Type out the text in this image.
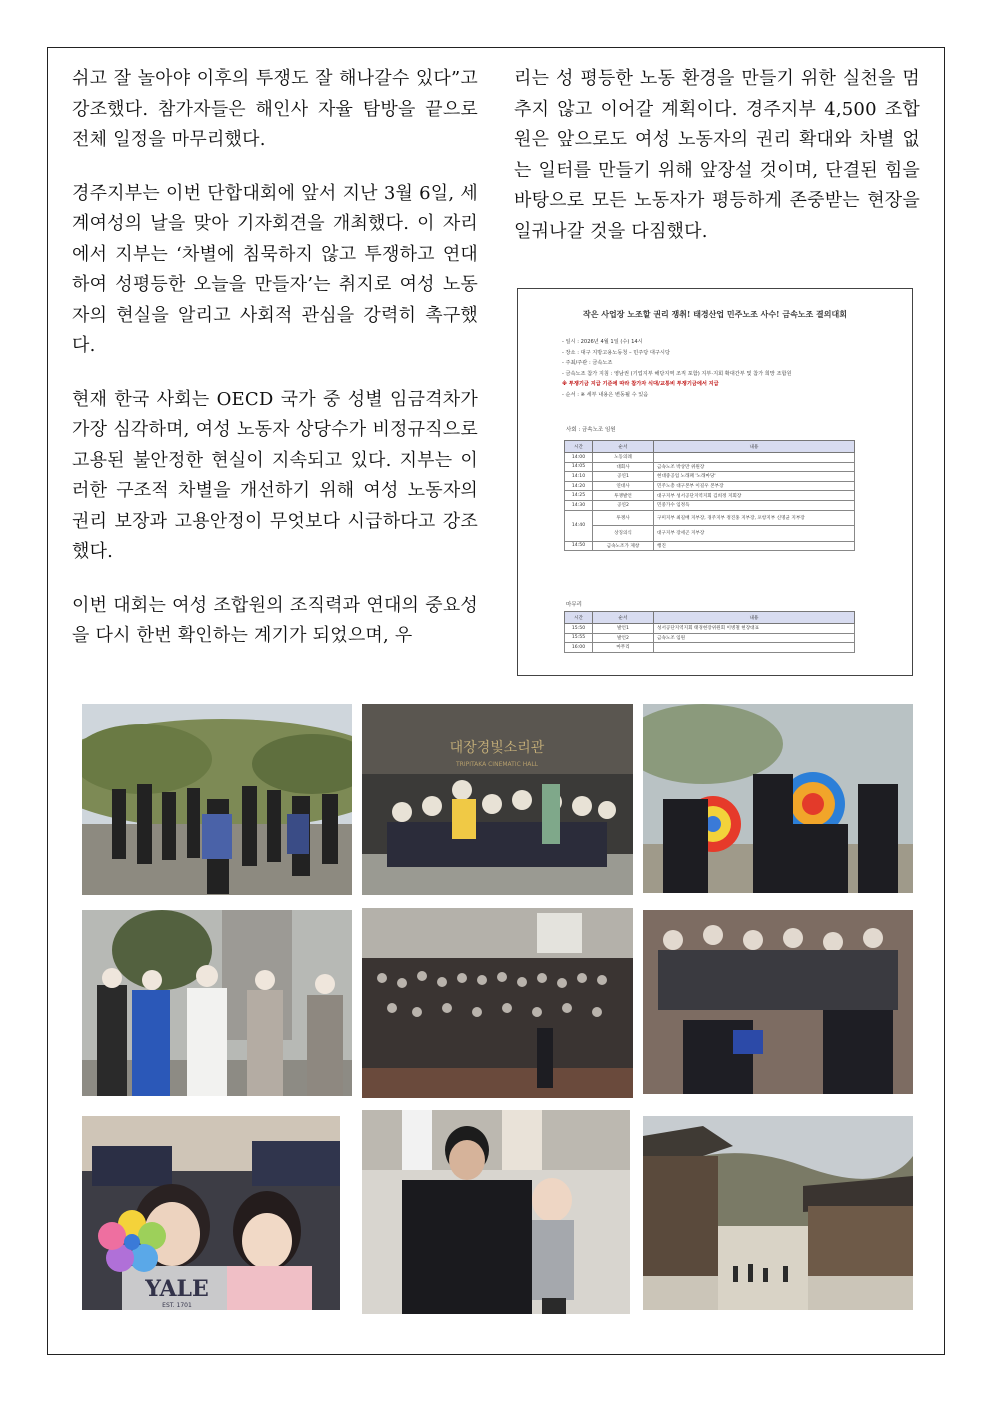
쉬고 잘 놀아야 이후의 투쟁도 잘 해나갈수 있다”고 강조했다. 참가자들은 해인사 자율 탐방을 끝으로 전체 일정을 마무리했다.

경주지부는 이번 단합대회에 앞서 지난 3월 6일, 세계여성의 날을 맞아 기자회견을 개최했다. 이 자리에서 지부는 ‘차별에 침묵하지 않고 투쟁하고 연대하여 성평등한 오늘을 만들자’는 취지로 여성 노동자의 현실을 알리고 사회적 관심을 강력히 촉구했다.

현재 한국 사회는 OECD 국가 중 성별 임금격차가 가장 심각하며, 여성 노동자 상당수가 비정규직으로 고용된 불안정한 현실이 지속되고 있다. 지부는 이러한 구조적 차별을 개선하기 위해 여성 노동자의 권리 보장과 고용안정이 무엇보다 시급하다고 강조했다.

이번 대회는 여성 조합원의 조직력과 연대의 중요성을 다시 한번 확인하는 계기가 되었으며, 우

리는 성 평등한 노동 환경을 만들기 위한 실천을 멈추지 않고 이어갈 계획이다. 경주지부 4,500 조합원은 앞으로도 여성 노동자의 권리 확대와 차별 없는 일터를 만들기 위해 앞장설 것이며, 단결된 힘을 바탕으로 모든 노동자가 평등하게 존중받는 현장을 일궈나갈 것을 다짐했다.

작은 사업장 노조할 권리 쟁취! 태경산업 민주노조 사수! 금속노조 결의대회
- 일시 : 2026년 4월 1일 (수) 14시
- 장소 : 대구 지방고용노동청 – 민주당 대구시당
- 주최/주관 : 금속노조
- 금속노조 참가 지침 : 영남권 (기업지부 해당지역 조직 포함) 지부·지회 확대간부 및 참가 희망 조합원
※ 투쟁기금 지급 기준에 따라 참가자 식대/교통비 투쟁기금에서 지급
- 순서 : ※ 세부 내용은 변동될 수 있음
사회 : 금속노조 임원
시간	순서	내용
14:00	노동의례	
14:05	대회사	금속노조 박상만 위원장
14:10	공연1	현대중공업 노래패 '노래마당'
14:20	연대사	민주노총 대구본부 이길우 본부장
14:25	투쟁발언	대구지부 성서공단지역지회 김희정 지회장
14:30	공연2	민중가수 임정득
14:40	투쟁사	구미지부 최길배 지부장, 경주지부 정진홍 지부장, 포항지부 신명균 지부장
	상징의식	대구지부 장세곤 지부장
14:50	금속노조가 제창	행진
마무리
시간	순서	내용
15:50	발언1	성서공단지역지회 태경현장위원회 이병철 현장대표
15:55	발언2	금속노조 임원
16:00	마무리	
대장경빛소리관
TRIPITAKA CINEMATIC HALL
YALE
EST. 1701
